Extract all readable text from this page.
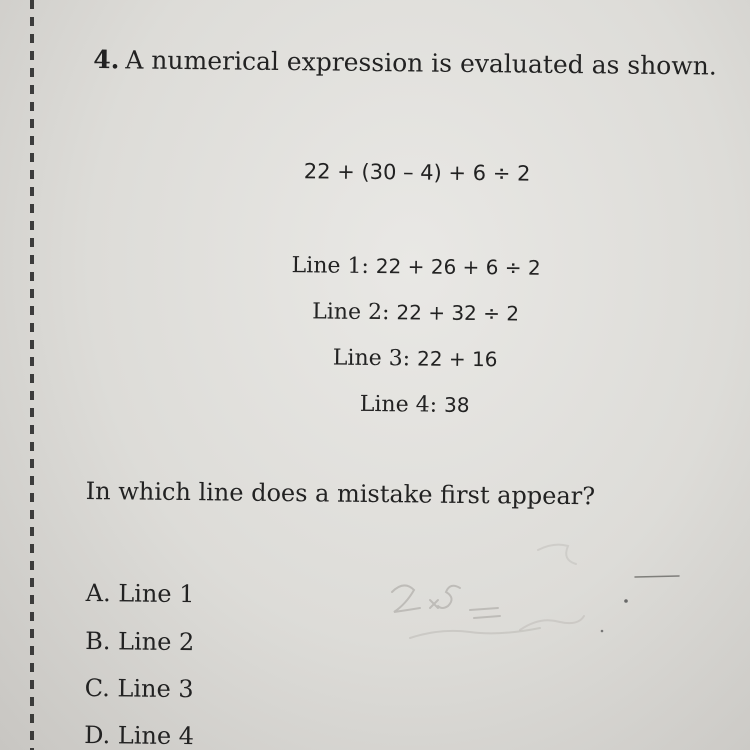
4. A numerical expression is evaluated as shown.
22 + (30 – 4) + 6 ÷ 2
Line 1: 22 + 26 + 6 ÷ 2
Line 2: 22 + 32 ÷ 2
Line 3: 22 + 16
Line 4: 38
In which line does a mistake first appear?
A. Line 1
B. Line 2
C. Line 3
D. Line 4
